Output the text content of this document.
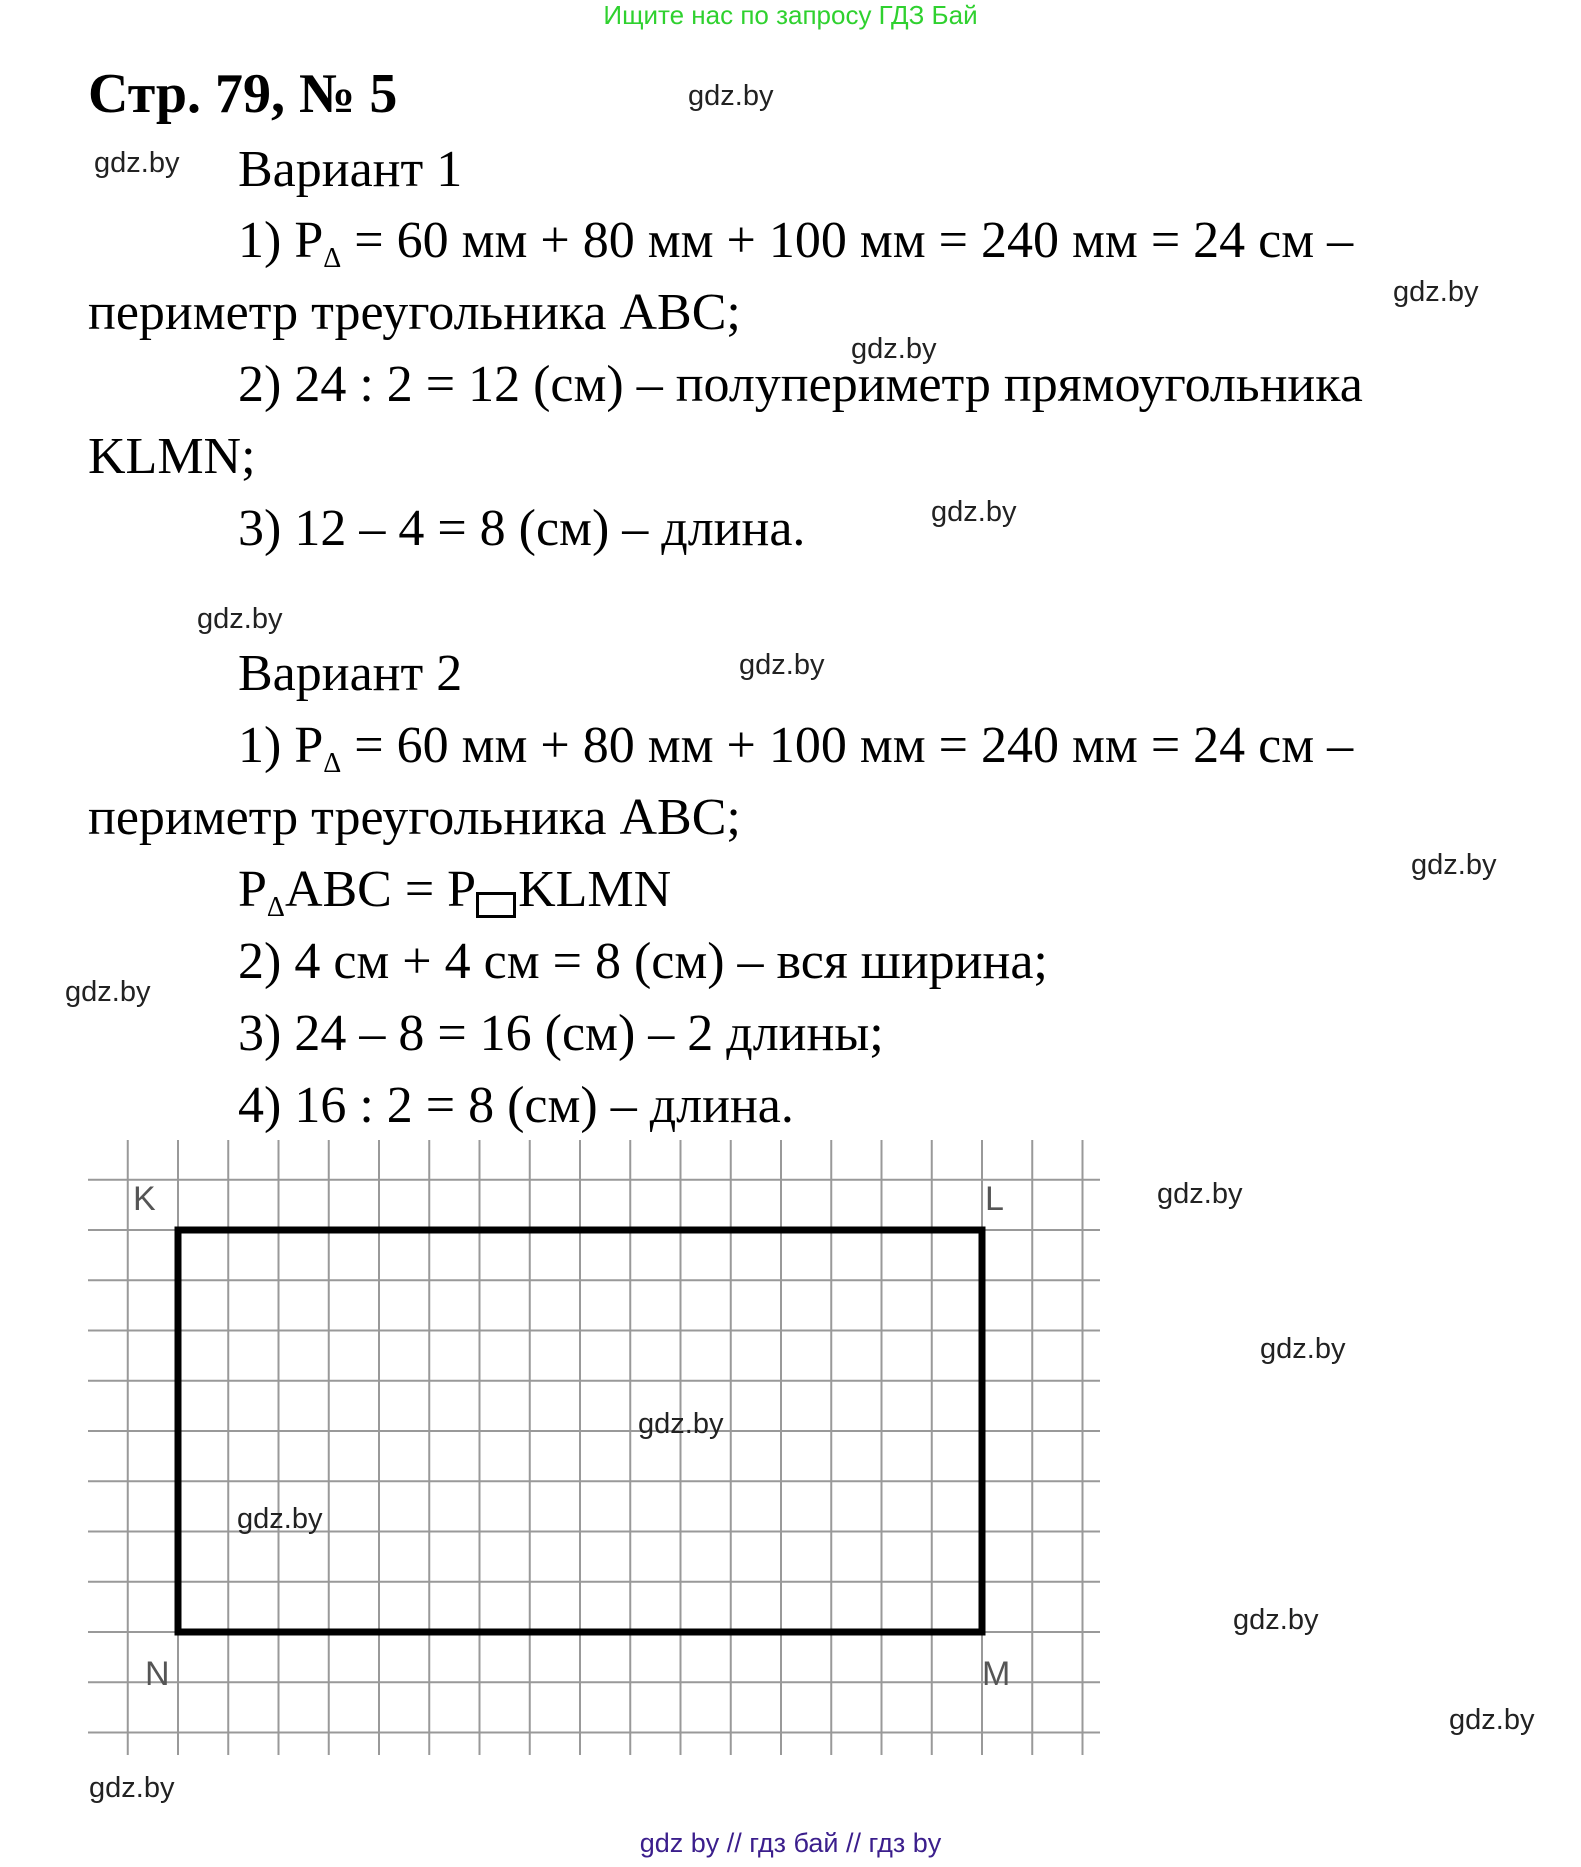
Ищите нас по запросу ГДЗ Бай
Стр. 79, № 5
Вариант 1
1) $P_\Delta = 60$ мм + 80 мм + 100 мм = 240 мм = 24 см –
периметр треугольника ABC;
2) 24 : 2 = 12 (см) – полупериметр прямоугольника
KLMN;
3) 12 – 4 = 8 (см) – длина.
Вариант 2
1) $P_\Delta = 60$ мм + 80 мм + 100 мм = 240 мм = 24 см –
периметр треугольника ABC;
$P_\Delta ABC = P$ KLMN
2) 4 см + 4 см = 8 (см) – вся ширина;
3) 24 – 8 = 16 (см) – 2 длины;
4) 16 : 2 = 8 (см) – длина.
K	L
N	M
gdz.by
gdz.by
gdz.by
gdz.by
gdz.by
gdz.by
gdz.by
gdz.by
gdz.by
gdz.by
gdz.by
gdz.by
gdz.by
gdz.by
gdz.by
gdz.by
gdz by // гдз бай // гдз by
